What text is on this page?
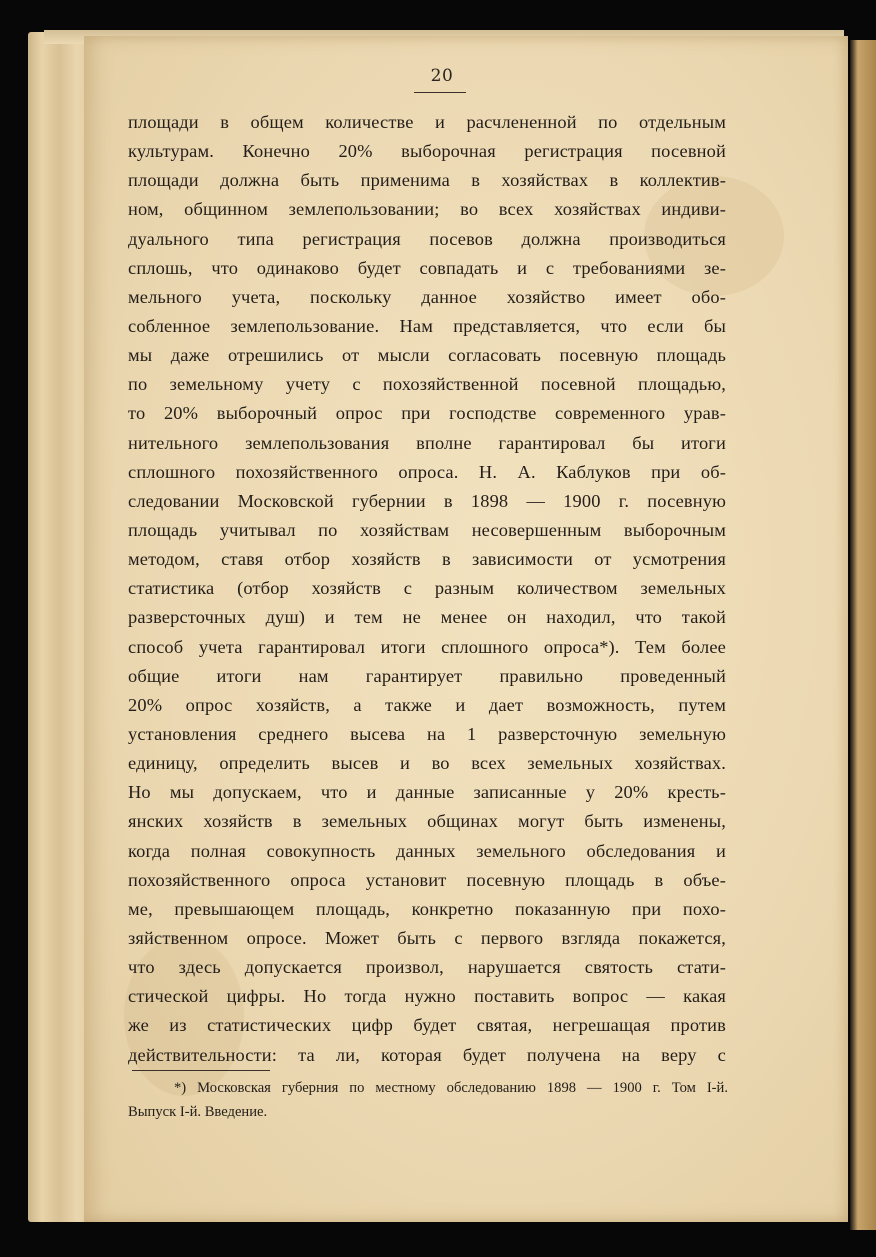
20
площади в общем количестве и расчлененной по отдельным
культурам. Конечно 20% выборочная регистрация посевной
площади должна быть применима в хозяйствах в коллектив-
ном, общинном землепользовании; во всех хозяйствах индиви-
дуального типа регистрация посевов должна производиться
сплошь, что одинаково будет совпадать и с требованиями зе-
мельного учета, поскольку данное хозяйство имеет обо-
собленное землепользование. Нам представляется, что если бы
мы даже отрешились от мысли согласовать посевную площадь
по земельному учету с похозяйственной посевной площадью,
то 20% выборочный опрос при господстве современного урав-
нительного землепользования вполне гарантировал бы итоги
сплошного похозяйственного опроса. Н. А. Каблуков при об-
следовании Московской губернии в 1898 — 1900 г. посевную
площадь учитывал по хозяйствам несовершенным выборочным
методом, ставя отбор хозяйств в зависимости от усмотрения
статистика (отбор хозяйств с разным количеством земельных
разверсточных душ) и тем не менее он находил, что такой
способ учета гарантировал итоги сплошного опроса*). Тем более
общие итоги нам гарантирует правильно проведенный
20% опрос хозяйств, а также и дает возможность, путем
установления среднего высева на 1 разверсточную земельную
единицу, определить высев и во всех земельных хозяйствах.
Но мы допускаем, что и данные записанные у 20% кресть-
янских хозяйств в земельных общинах могут быть изменены,
когда полная совокупность данных земельного обследования и
похозяйственного опроса установит посевную площадь в объе-
ме, превышающем площадь, конкретно показанную при похо-
зяйственном опросе. Может быть с первого взгляда покажется,
что здесь допускается произвол, нарушается святость стати-
стической цифры. Но тогда нужно поставить вопрос — какая
же из статистических цифр будет святая, негрешащая против
действительности: та ли, которая будет получена на веру с
*) Московская губерния по местному обследованию 1898 — 1900 г. Том I-й.
Выпуск I-й. Введение.
